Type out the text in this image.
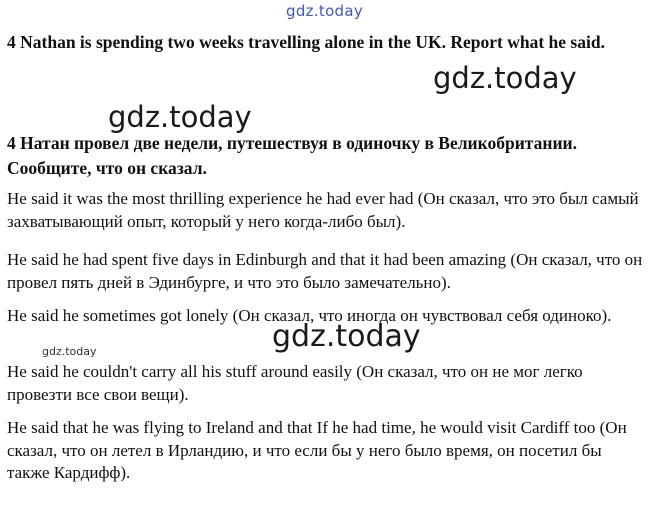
gdz.today

4 Nathan is spending two weeks travelling alone in the UK. Report what he said.

gdz.today
gdz.today

4 Натан провел две недели, путешествуя в одиночку в Великобритании. Сообщите, что он сказал.

He said it was the most thrilling experience he had ever had (Он сказал, что это был самый захватывающий опыт, который у него когда-либо был).

He said he had spent five days in Edinburgh and that it had been amazing (Он сказал, что он провел пять дней в Эдинбурге, и что это было замечательно).

He said he sometimes got lonely (Он сказал, что иногда он чувствовал себя одиноко).

He said he couldn't carry all his stuff around easily (Он сказал, что он не мог легко провезти все свои вещи).

He said that he was flying to Ireland and that If he had time, he would visit Cardiff too (Он сказал, что он летел в Ирландию, и что если бы у него было время, он посетил бы также Кардифф).

gdz.today
gdz.today
